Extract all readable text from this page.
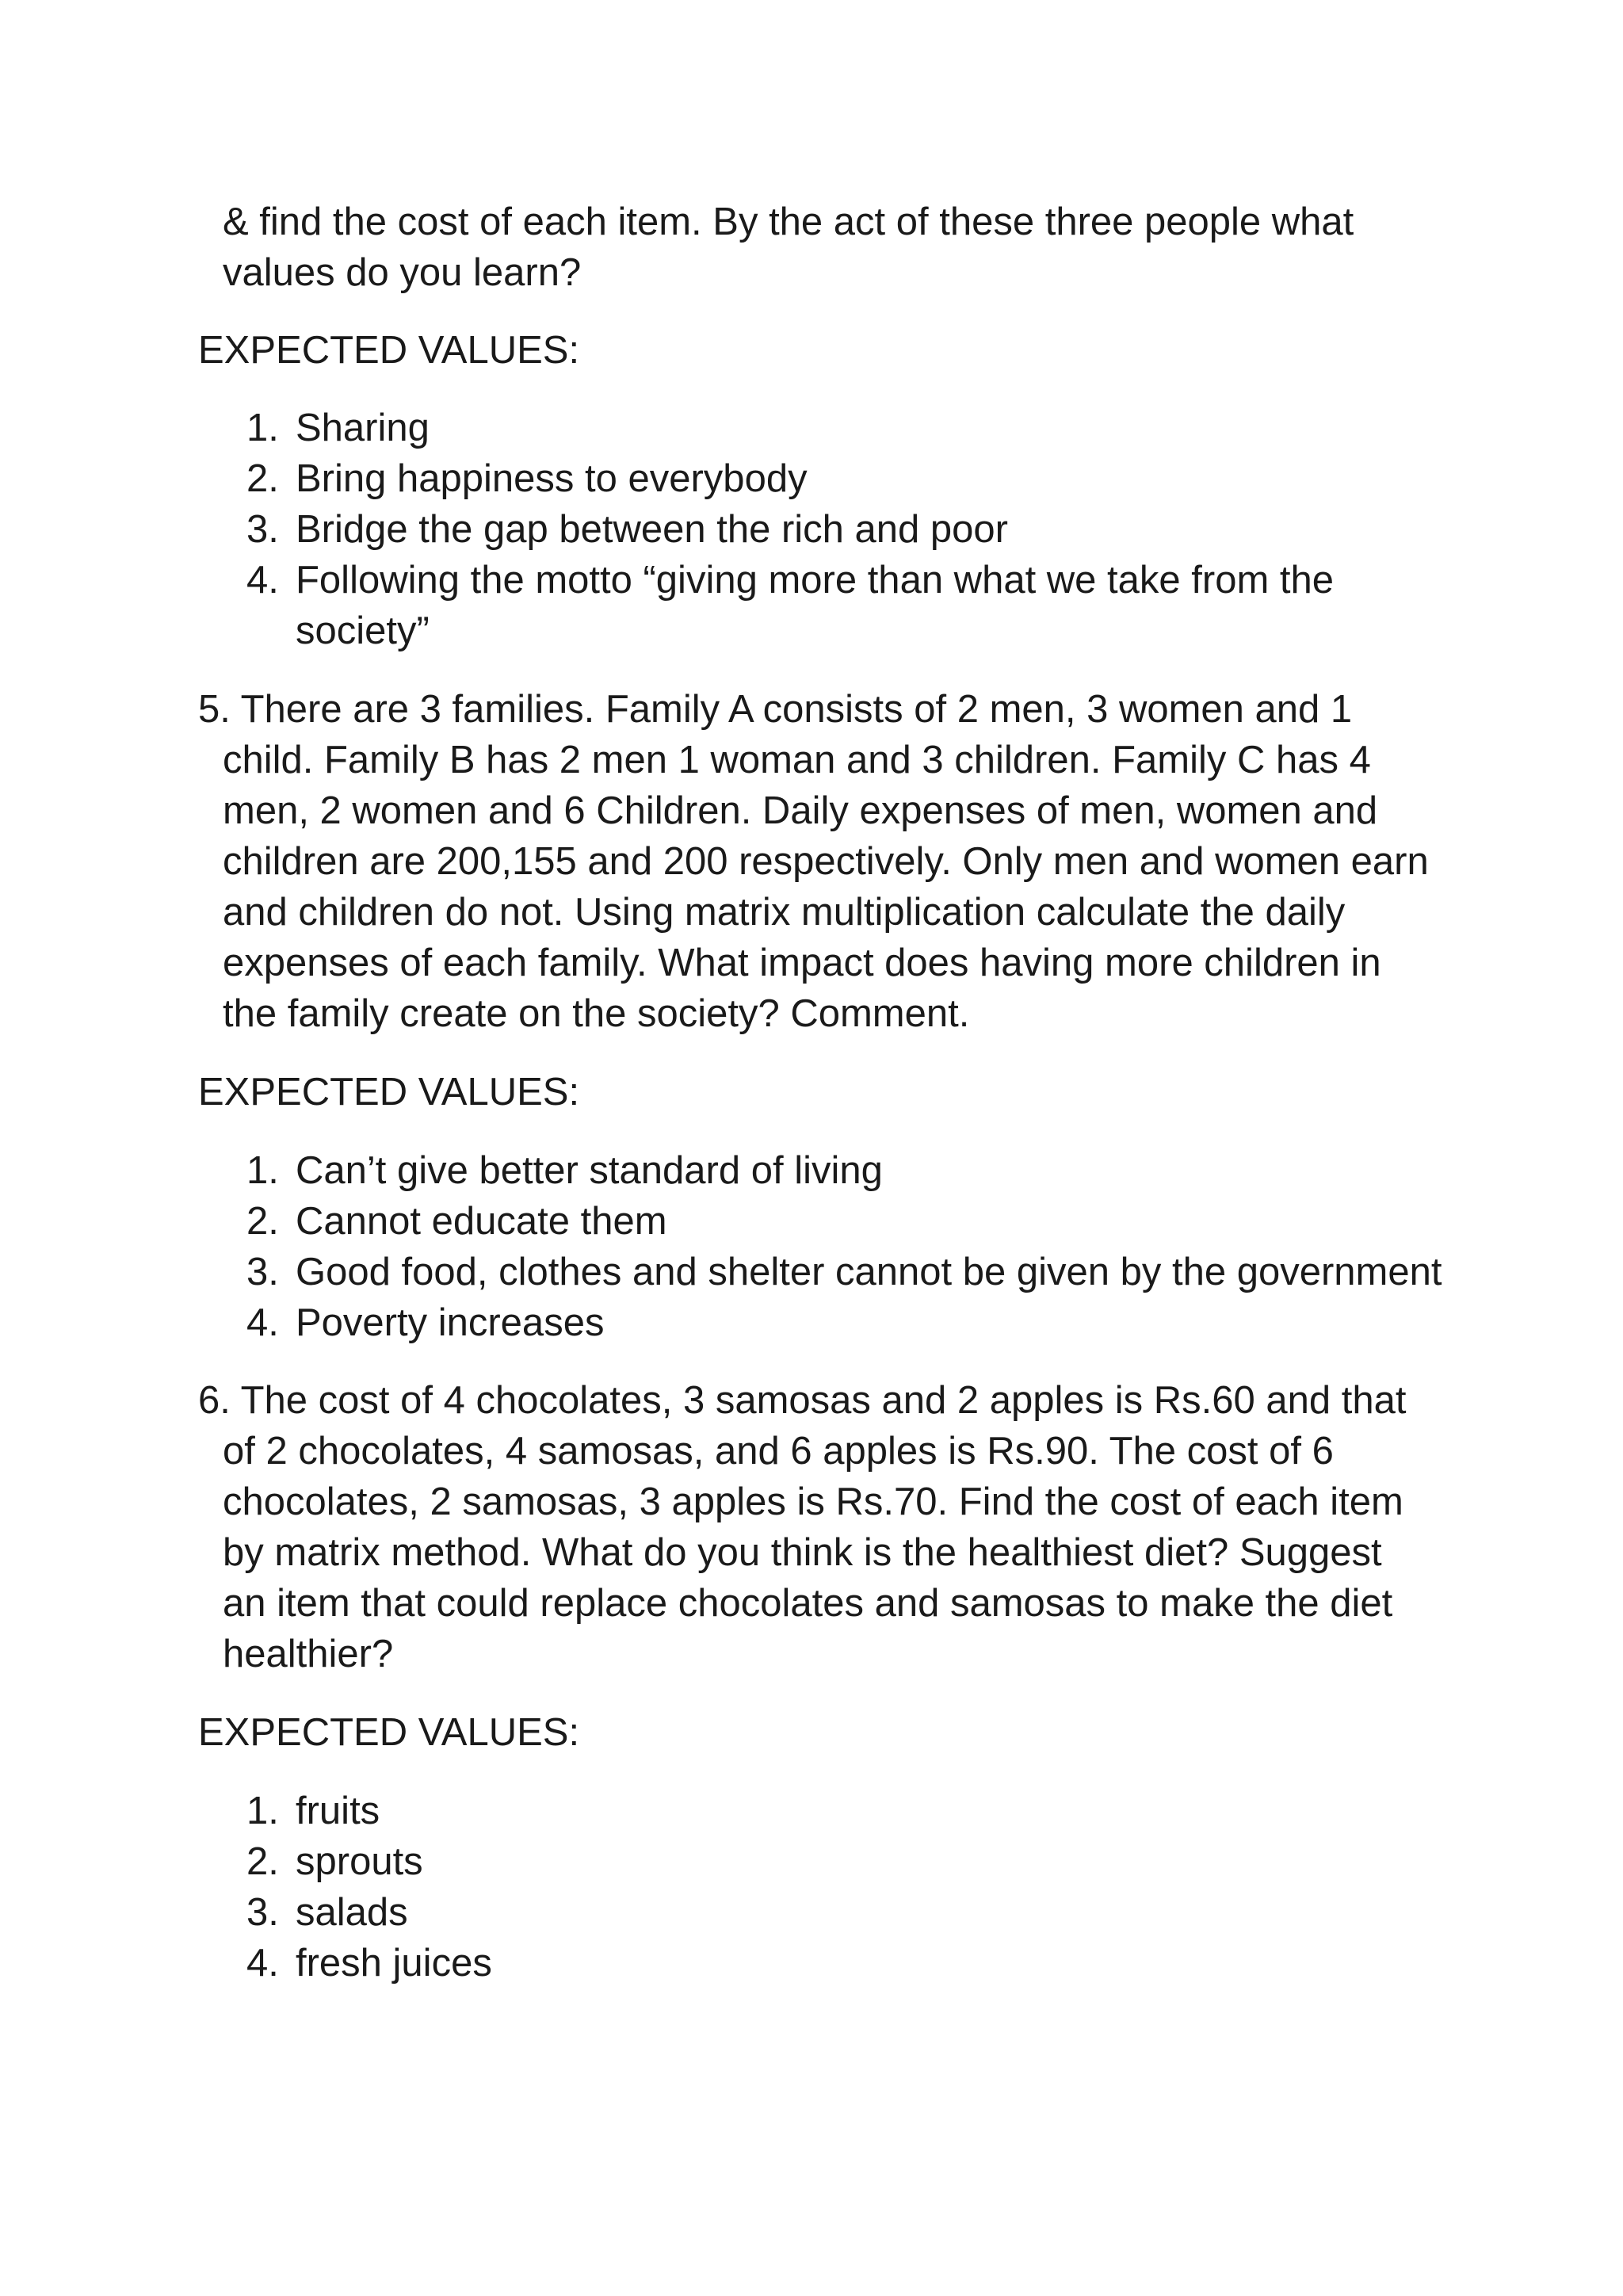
& find the cost of each item. By the act of these three people what
values do you learn?
EXPECTED VALUES:
1. Sharing
2. Bring happiness to everybody
3. Bridge the gap between the rich and poor
4. Following the motto “giving more than what we take from the
society”
5. There are 3 families. Family A consists of 2 men, 3 women and 1
child. Family B has 2 men 1 woman and 3 children. Family C has 4
men, 2 women and 6 Children. Daily expenses of men, women and
children are 200,155 and 200 respectively. Only men and women earn
and children do not. Using matrix multiplication calculate the daily
expenses of each family. What impact does having more children in
the family create on the society? Comment.
EXPECTED VALUES:
1. Can’t give better standard of living
2. Cannot educate them
3. Good food, clothes and shelter cannot be given by the government
4. Poverty increases
6. The cost of 4 chocolates, 3 samosas and 2 apples is Rs.60 and that
of 2 chocolates, 4 samosas, and 6 apples is Rs.90. The cost of 6
chocolates, 2 samosas, 3 apples is Rs.70. Find the cost of each item
by matrix method. What do you think is the healthiest diet? Suggest
an item that could replace chocolates and samosas to make the diet
healthier?
EXPECTED VALUES:
1. fruits
2. sprouts
3. salads
4. fresh juices
